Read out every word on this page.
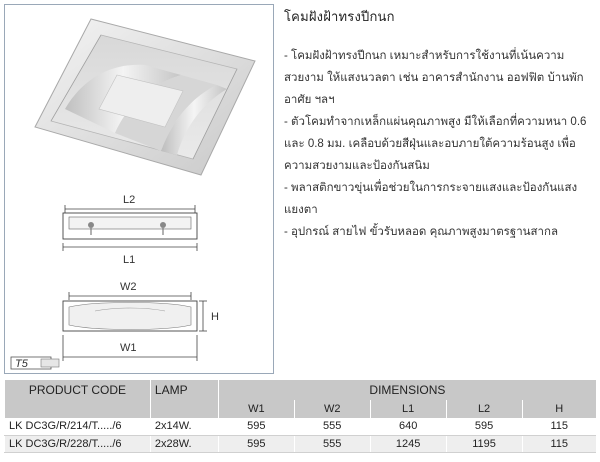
L2
L1
W2
H
W1
T5
โคมฝังฝ้าทรงปีกนก

- โคมฝังฝ้าทรงปีกนก เหมาะสำหรับการใช้งานที่เน้นความสวยงาม ให้แสงนวลตา เช่น อาคารสำนักงาน ออฟฟิต บ้านพักอาศัย ฯลฯ

- ตัวโคมทำจากเหล็กแผ่นคุณภาพสูง มีให้เลือกที่ความหนา 0.6 และ 0.8 มม. เคลือบด้วยสีฝุ่นและอบภายใต้ความร้อนสูง เพื่อความสวยงามและป้องกันสนิม

- พลาสติกขาวขุ่นเพื่อช่วยในการกระจายแสงและป้องกันแสงแยงตา

- อุปกรณ์ สายไฟ ขั้วรับหลอด คุณภาพสูงมาตรฐานสากล

PRODUCT CODE	LAMP	DIMENSIONS				
		W1	W2	L1	L2	H
LK DC3G/R/214/T...../6	2x14W.	595	555	640	595	115
LK DC3G/R/228/T...../6	2x28W.	595	555	1245	1195	115
